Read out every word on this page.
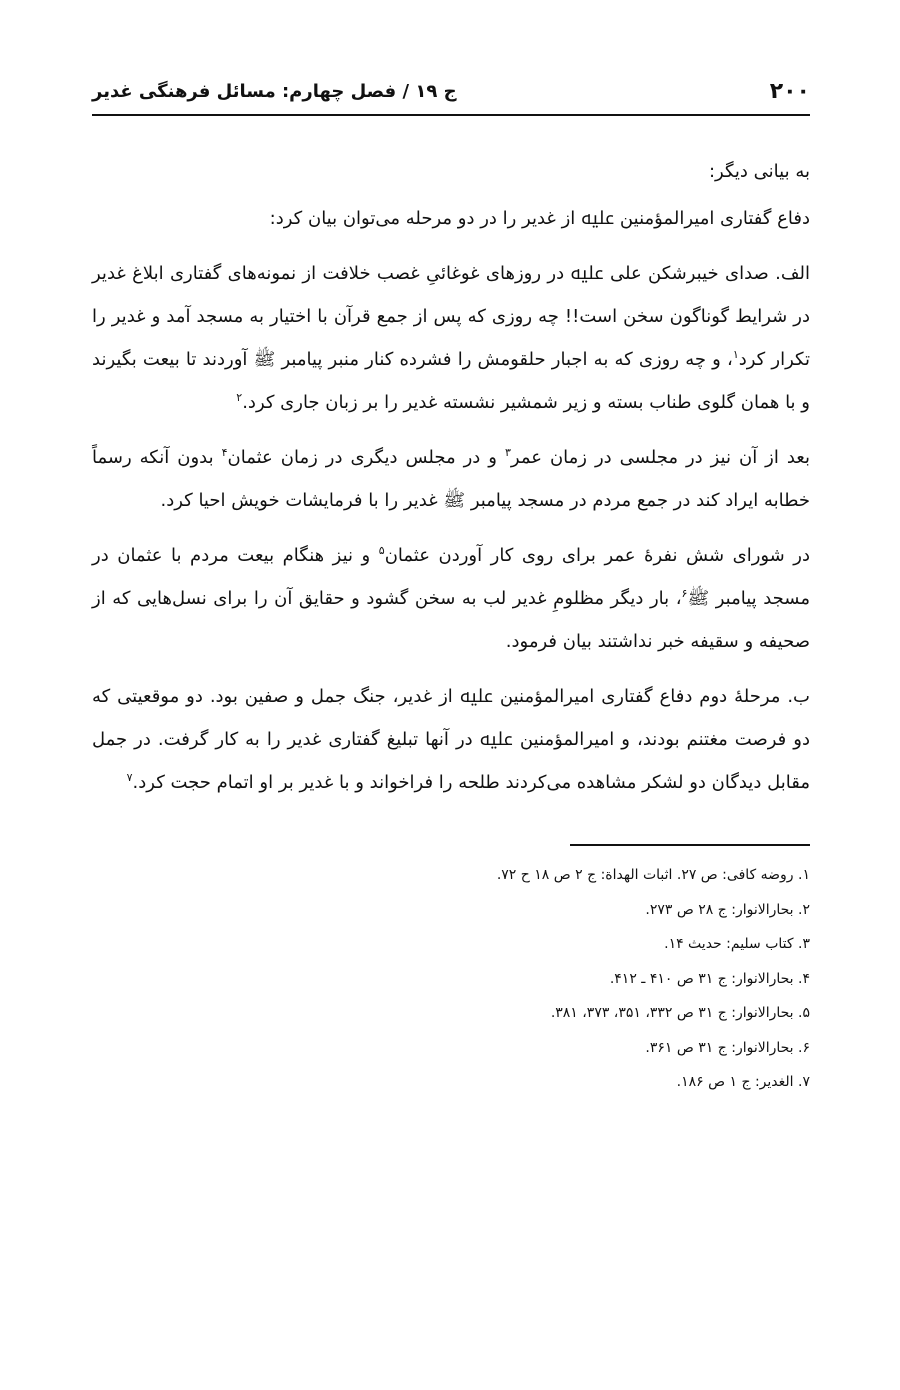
۲۰۰
ج ۱۹ / فصل چهارم: مسائل فرهنگی غدیر

به بیانی دیگر:

دفاع گفتاری امیرالمؤمنین ﷷ از غدیر را در دو مرحله می‌توان بیان کرد:

الف. صدای خیبرشکن علی ﷷ در روزهای غوغائیِ غصب خلافت از نمونه‌های گفتاری ابلاغ غدیر در شرایط گوناگون سخن است!! چه روزی که پس از جمع قرآن با اختیار به مسجد آمد و غدیر را تکرار کرد$^۱$، و چه روزی که به اجبار حلقومش را فشرده کنار منبر پیامبر ﷺ آوردند تا بیعت بگیرند و با همان گلوی طناب بسته و زیر شمشیر نشسته غدیر را بر زبان جاری کرد.$^۲$

بعد از آن نیز در مجلسی در زمان عمر$^۳$ و در مجلس دیگری در زمان عثمان$^۴$ بدون آنکه رسماً خطابه ایراد کند در جمع مردم در مسجد پیامبر ﷺ غدیر را با فرمایشات خویش احیا کرد.

در شورای شش نفرهٔ عمر برای روی کار آوردن عثمان$^۵$ و نیز هنگام بیعت مردم با عثمان در مسجد پیامبر ﷺ$^۶$، بار دیگر مظلومِ غدیر لب به سخن گشود و حقایق آن را برای نسل‌هایی که از صحیفه و سقیفه خبر نداشتند بیان فرمود.

ب. مرحلهٔ دوم دفاع گفتاری امیرالمؤمنین ﷷ از غدیر، جنگ جمل و صفین بود. دو موقعیتی که دو فرصت مغتنم بودند، و امیرالمؤمنین ﷷ در آنها تبلیغ گفتاری غدیر را به کار گرفت. در جمل مقابل دیدگان دو لشکر مشاهده می‌کردند طلحه را فراخواند و با غدیر بر او اتمام حجت کرد.$^۷$

۱. روضه کافی: ص ۲۷. اثبات الهداة: ج ۲ ص ۱۸ ح ۷۲.
۲. بحارالانوار: ج ۲۸ ص ۲۷۳.
۳. کتاب سلیم: حدیث ۱۴.
۴. بحارالانوار: ج ۳۱ ص ۴۱۰ ـ ۴۱۲.
۵. بحارالانوار: ج ۳۱ ص ۳۳۲، ۳۵۱، ۳۷۳، ۳۸۱.
۶. بحارالانوار: ج ۳۱ ص ۳۶۱.
۷. الغدیر: ج ۱ ص ۱۸۶.
